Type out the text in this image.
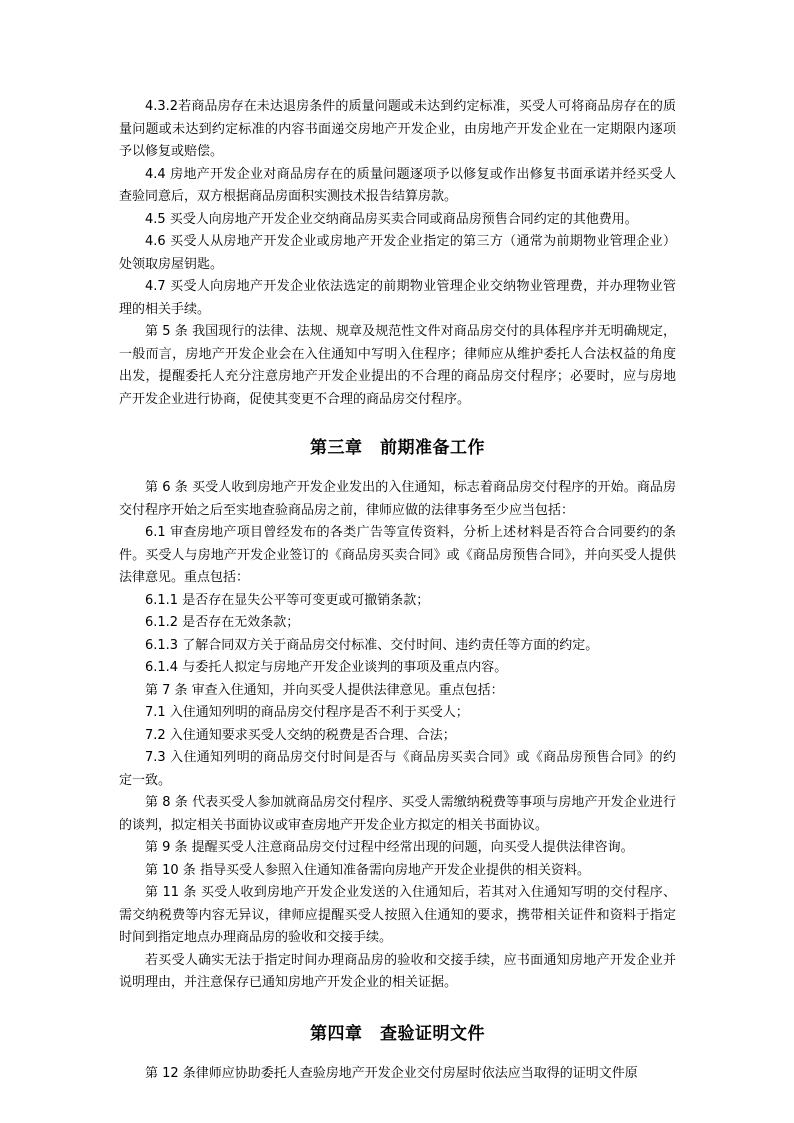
4.3.2若商品房存在未达退房条件的质量问题或未达到约定标准，买受人可将商品房存在的质量问题或未达到约定标准的内容书面递交房地产开发企业，由房地产开发企业在一定期限内逐项予以修复或赔偿。

4.4 房地产开发企业对商品房存在的质量问题逐项予以修复或作出修复书面承诺并经买受人查验同意后，双方根据商品房面积实测技术报告结算房款。

4.5 买受人向房地产开发企业交纳商品房买卖合同或商品房预售合同约定的其他费用。

4.6 买受人从房地产开发企业或房地产开发企业指定的第三方（通常为前期物业管理企业）处领取房屋钥匙。

4.7 买受人向房地产开发企业依法选定的前期物业管理企业交纳物业管理费，并办理物业管理的相关手续。

第 5 条 我国现行的法律、法规、规章及规范性文件对商品房交付的具体程序并无明确规定，一般而言，房地产开发企业会在入住通知中写明入住程序；律师应从维护委托人合法权益的角度出发，提醒委托人充分注意房地产开发企业提出的不合理的商品房交付程序；必要时，应与房地产开发企业进行协商，促使其变更不合理的商品房交付程序。

第三章　前期准备工作

第 6 条 买受人收到房地产开发企业发出的入住通知，标志着商品房交付程序的开始。商品房交付程序开始之后至实地查验商品房之前，律师应做的法律事务至少应当包括：

6.1 审查房地产项目曾经发布的各类广告等宣传资料，分析上述材料是否符合合同要约的条件。买受人与房地产开发企业签订的《商品房买卖合同》或《商品房预售合同》，并向买受人提供法律意见。重点包括：

6.1.1 是否存在显失公平等可变更或可撤销条款；

6.1.2 是否存在无效条款；

6.1.3 了解合同双方关于商品房交付标准、交付时间、违约责任等方面的约定。

6.1.4 与委托人拟定与房地产开发企业谈判的事项及重点内容。

第 7 条 审查入住通知，并向买受人提供法律意见。重点包括：

7.1 入住通知列明的商品房交付程序是否不利于买受人；

7.2 入住通知要求买受人交纳的税费是否合理、合法；

7.3 入住通知列明的商品房交付时间是否与《商品房买卖合同》或《商品房预售合同》的约定一致。

第 8 条 代表买受人参加就商品房交付程序、买受人需缴纳税费等事项与房地产开发企业进行的谈判，拟定相关书面协议或审查房地产开发企业方拟定的相关书面协议。

第 9 条 提醒买受人注意商品房交付过程中经常出现的问题，向买受人提供法律咨询。

第 10 条 指导买受人参照入住通知准备需向房地产开发企业提供的相关资料。

第 11 条 买受人收到房地产开发企业发送的入住通知后，若其对入住通知写明的交付程序、需交纳税费等内容无异议，律师应提醒买受人按照入住通知的要求，携带相关证件和资料于指定时间到指定地点办理商品房的验收和交接手续。

若买受人确实无法于指定时间办理商品房的验收和交接手续，应书面通知房地产开发企业并说明理由，并注意保存已通知房地产开发企业的相关证据。

第四章　查验证明文件

第 12 条律师应协助委托人查验房地产开发企业交付房屋时依法应当取得的证明文件原
